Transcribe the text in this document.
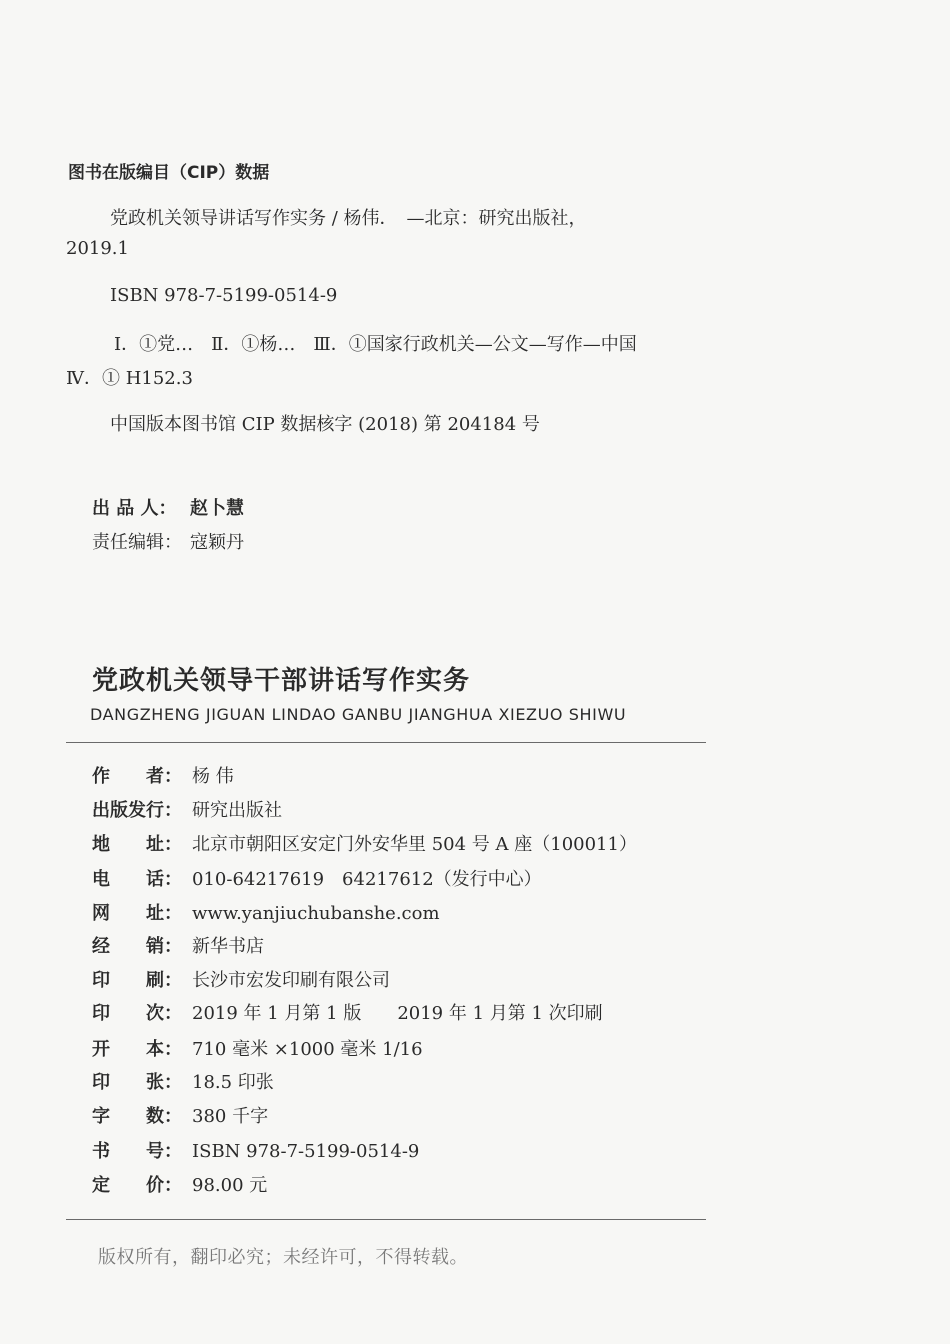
图书在版编目（CIP）数据
党政机关领导讲话写作实务 / 杨伟．　—北京：研究出版社，
2019.1
ISBN 978-7-5199-0514-9
Ⅰ．①党…　Ⅱ．①杨…　Ⅲ．①国家行政机关—公文—写作—中国
Ⅳ．① H152.3
中国版本图书馆 CIP 数据核字 (2018) 第 204184 号
出 品 人： 赵卜慧
责任编辑： 寇颖丹
党政机关领导干部讲话写作实务
DANGZHENG JIGUAN LINDAO GANBU JIANGHUA XIEZUO SHIWU
作　　者： 杨 伟
出版发行： 研究出版社
地　　址： 北京市朝阳区安定门外安华里 504 号 A 座（100011）
电　　话： 010-64217619　64217612（发行中心）
网　　址： www.yanjiuchubanshe.com
经　　销： 新华书店
印　　刷： 长沙市宏发印刷有限公司
印　　次： 2019 年 1 月第 1 版　　2019 年 1 月第 1 次印刷
开　　本： 710 毫米 ×1000 毫米 1/16
印　　张： 18.5 印张
字　　数： 380 千字
书　　号： ISBN 978-7-5199-0514-9
定　　价： 98.00 元
版权所有，翻印必究；未经许可，不得转载。
